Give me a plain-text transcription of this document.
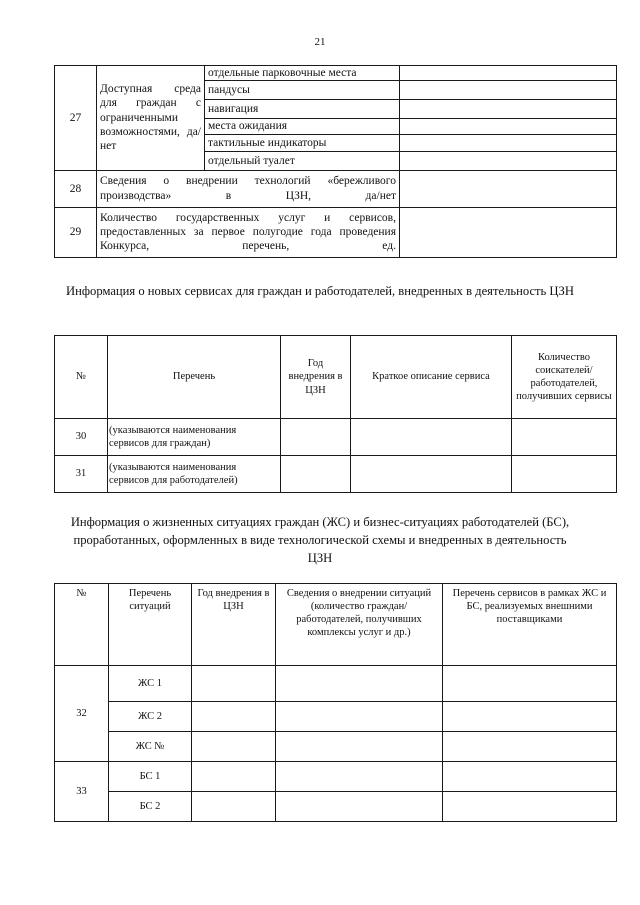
21
27	Доступная среда для граждан с ограниченными возможностями, да/нет	отдельные парковочные места	
		пандусы	
		навигация	
		места ожидания	
		тактильные индикаторы	
		отдельный туалет	
28	Сведения о внедрении технологий «бережливого производства» в ЦЗН, да/нет		
29	Количество государственных услуг и сервисов, предоставленных за первое полугодие года проведения Конкурса, перечень, ед.		
Информация о новых сервисах для граждан и работодателей, внедренных в деятельность ЦЗН
№	Перечень	Год внедрения в ЦЗН	Краткое описание сервиса	Количество соискателей/ работодателей, получивших сервисы
30	(указываются наименования сервисов для граждан)			
31	(указываются наименования сервисов для работодателей)			
Информация о жизненных ситуациях граждан (ЖС) и бизнес-ситуациях работодателей (БС), проработанных, оформленных в виде технологической схемы и внедренных в деятельность ЦЗН
№	Перечень ситуаций	Год внедрения в ЦЗН	Сведения о внедрении ситуаций (количество граждан/ работодателей, получивших комплексы услуг и др.)	Перечень сервисов в рамках ЖС и БС, реализуемых внешними поставщиками
32	ЖС 1			
	ЖС 2			
	ЖС №			
33	БС 1			
	БС 2			
